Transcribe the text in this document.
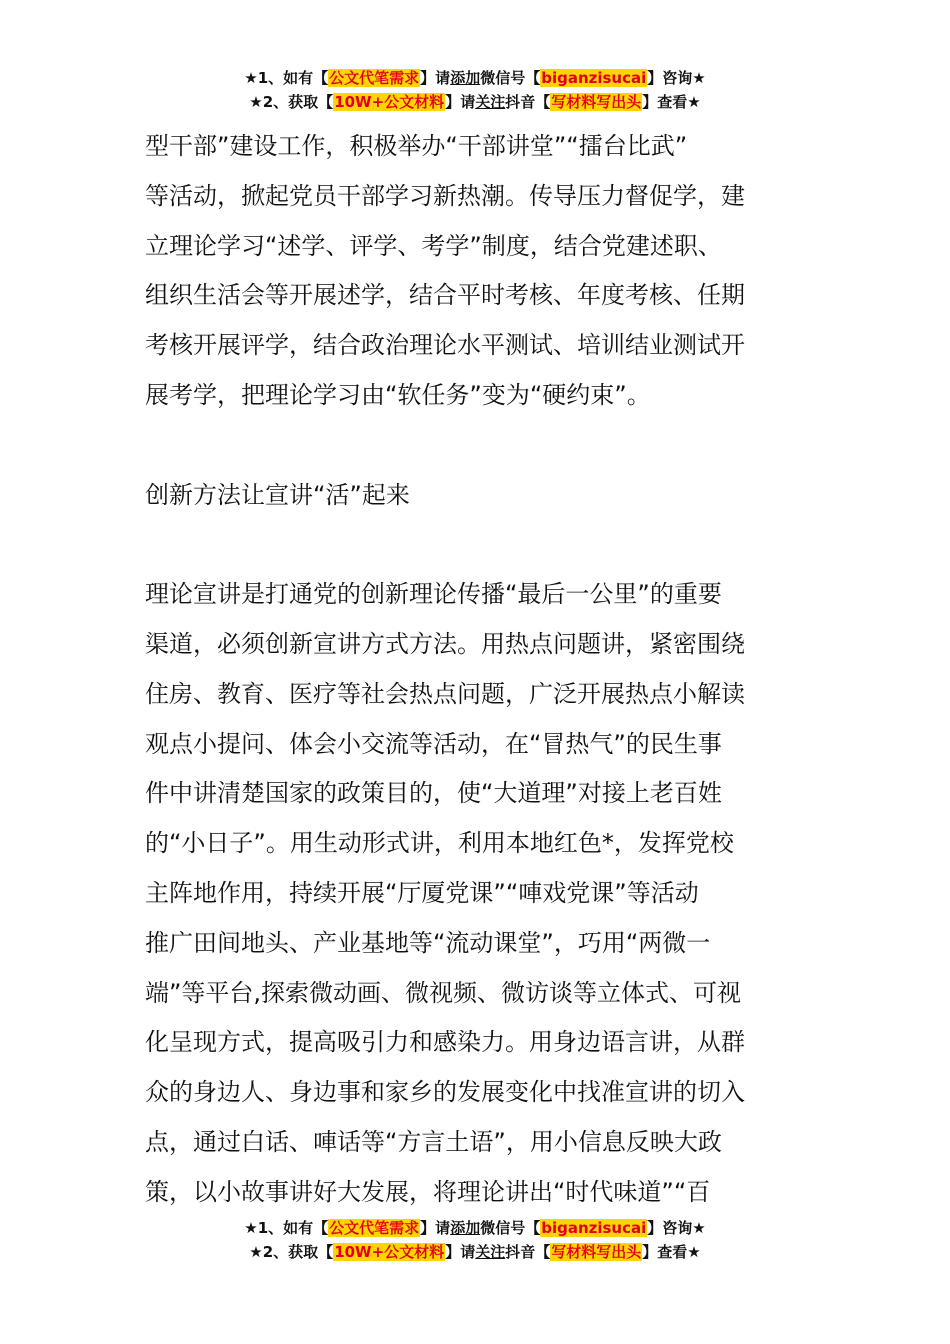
★1、如有【公文代笔需求】请添加微信号【biganzisucai】咨询★
★2、获取【10W+公文材料】请关注抖音【写材料写出头】查看★

型干部”建设工作，积极举办“干部讲堂”“擂台比武”

等活动，掀起党员干部学习新热潮。传导压力督促学，建

立理论学习“述学、评学、考学”制度，结合党建述职、

组织生活会等开展述学，结合平时考核、年度考核、任期

考核开展评学，结合政治理论水平测试、培训结业测试开

展考学，把理论学习由“软任务”变为“硬约束”。

创新方法让宣讲“活”起来

理论宣讲是打通党的创新理论传播“最后一公里”的重要

渠道，必须创新宣讲方式方法。用热点问题讲，紧密围绕

住房、教育、医疗等社会热点问题，广泛开展热点小解读

观点小提问、体会小交流等活动，在“冒热气”的民生事

件中讲清楚国家的政策目的，使“大道理”对接上老百姓

的“小日子”。用生动形式讲，利用本地红色*，发挥党校

主阵地作用，持续开展“厅厦党课”“唓戏党课”等活动

推广田间地头、产业基地等“流动课堂”，巧用“两微一

端”等平台,探索微动画、微视频、微访谈等立体式、可视

化呈现方式，提高吸引力和感染力。用身边语言讲，从群

众的身边人、身边事和家乡的发展变化中找准宣讲的切入

点，通过白话、唓话等“方言土语”，用小信息反映大政

策，以小故事讲好大发展，将理论讲出“时代味道”“百

★1、如有【公文代笔需求】请添加微信号【biganzisucai】咨询★
★2、获取【10W+公文材料】请关注抖音【写材料写出头】查看★
